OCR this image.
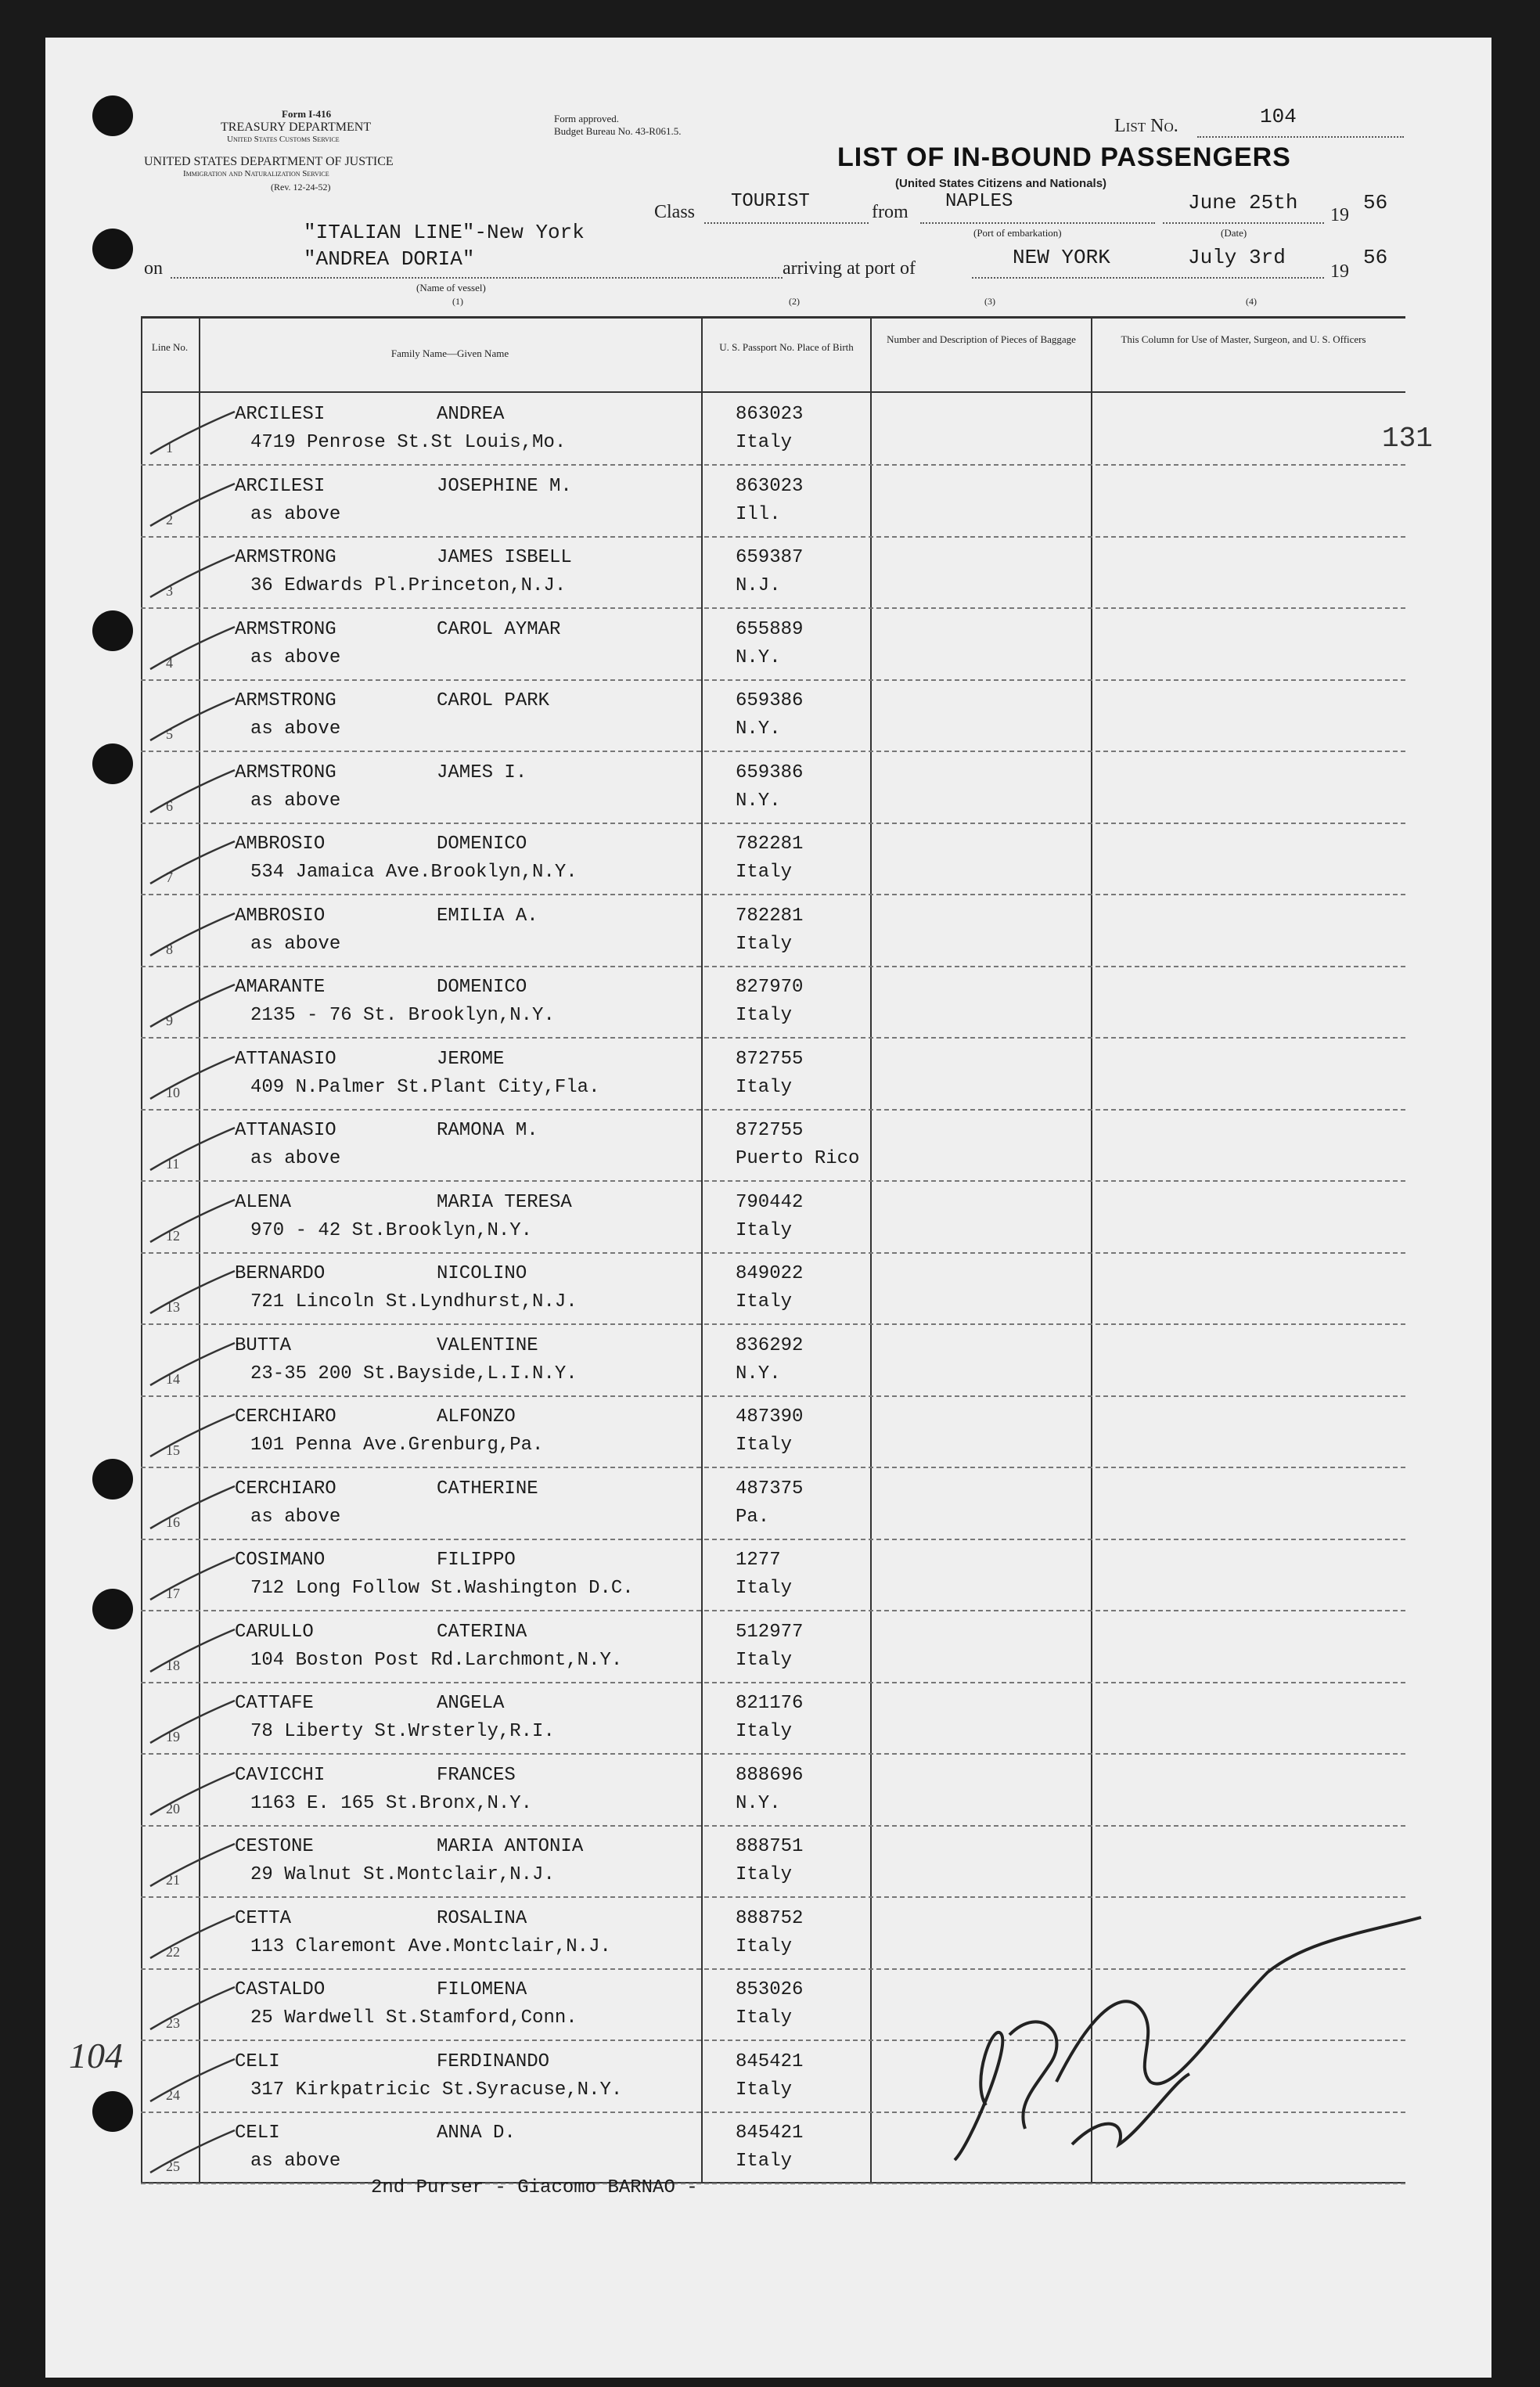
Form I-416
TREASURY DEPARTMENT
United States Customs Service
UNITED STATES DEPARTMENT OF JUSTICE
Immigration and Naturalization Service
(Rev. 12-24-52)
Form approved.
Budget Bureau No. 43-R061.5.	List No.	104
LIST OF IN-BOUND PASSENGERS
(United States Citizens and Nationals)
Class TOURIST	from NAPLES
(Port of embarkation)
June 25th
(Date)
19
56
"ITALIAN LINE"-New York
"ANDREA DORIA"
on
(Name of vessel)
(1)
arriving at port of	NEW YORK	July 3rd
19
56
(2)	(3)	(4)
Line No.
Family Name—Given Name
U. S. Passport No. Place of Birth
Number and Description of Pieces of Baggage	This Column for Use of Master, Surgeon, and U. S. Officers
1
ARCILESI	ANDREA
4719 Penrose St.St Louis,Mo.
863023
Italy
2
ARCILESI	JOSEPHINE M.
as above
863023
Ill.
3
ARMSTRONG	JAMES ISBELL
36 Edwards Pl.Princeton,N.J.
659387
N.J.
4
ARMSTRONG	CAROL AYMAR
as above
655889
N.Y.
5
ARMSTRONG	CAROL PARK
as above
659386
N.Y.
6
ARMSTRONG	JAMES I.
as above
659386
N.Y.
7
AMBROSIO	DOMENICO
534 Jamaica Ave.Brooklyn,N.Y.
782281
Italy
8
AMBROSIO	EMILIA A.
as above
782281
Italy
9
AMARANTE	DOMENICO
2135 - 76 St. Brooklyn,N.Y.
827970
Italy
10
ATTANASIO	JEROME
409 N.Palmer St.Plant City,Fla.
872755
Italy
11
ATTANASIO	RAMONA M.
as above
872755
Puerto Rico
12
ALENA	MARIA TERESA
970 - 42 St.Brooklyn,N.Y.
790442
Italy
13
BERNARDO	NICOLINO
721 Lincoln St.Lyndhurst,N.J.
849022
Italy
14
BUTTA	VALENTINE
23-35 200 St.Bayside,L.I.N.Y.
836292
N.Y.
15
CERCHIARO	ALFONZO
101 Penna Ave.Grenburg,Pa.
487390
Italy
16
CERCHIARO	CATHERINE
as above
487375
Pa.
17
COSIMANO	FILIPPO
712 Long Follow St.Washington D.C.
1277
Italy
18
CARULLO	CATERINA
104 Boston Post Rd.Larchmont,N.Y.
512977
Italy
19
CATTAFE	ANGELA
78 Liberty St.Wrsterly,R.I.
821176
Italy
20
CAVICCHI	FRANCES
1163 E. 165 St.Bronx,N.Y.
888696
N.Y.
21
CESTONE	MARIA ANTONIA
29 Walnut St.Montclair,N.J.
888751
Italy
22
CETTA	ROSALINA
113 Claremont Ave.Montclair,N.J.
888752
Italy
23
CASTALDO	FILOMENA
25 Wardwell St.Stamford,Conn.
853026
Italy
24
CELI	FERDINANDO
317 Kirkpatricic St.Syracuse,N.Y.
845421
Italy
25
CELI	ANNA D.
as above
845421
Italy
131
104
2nd Purser - Giacomo BARNAO -
